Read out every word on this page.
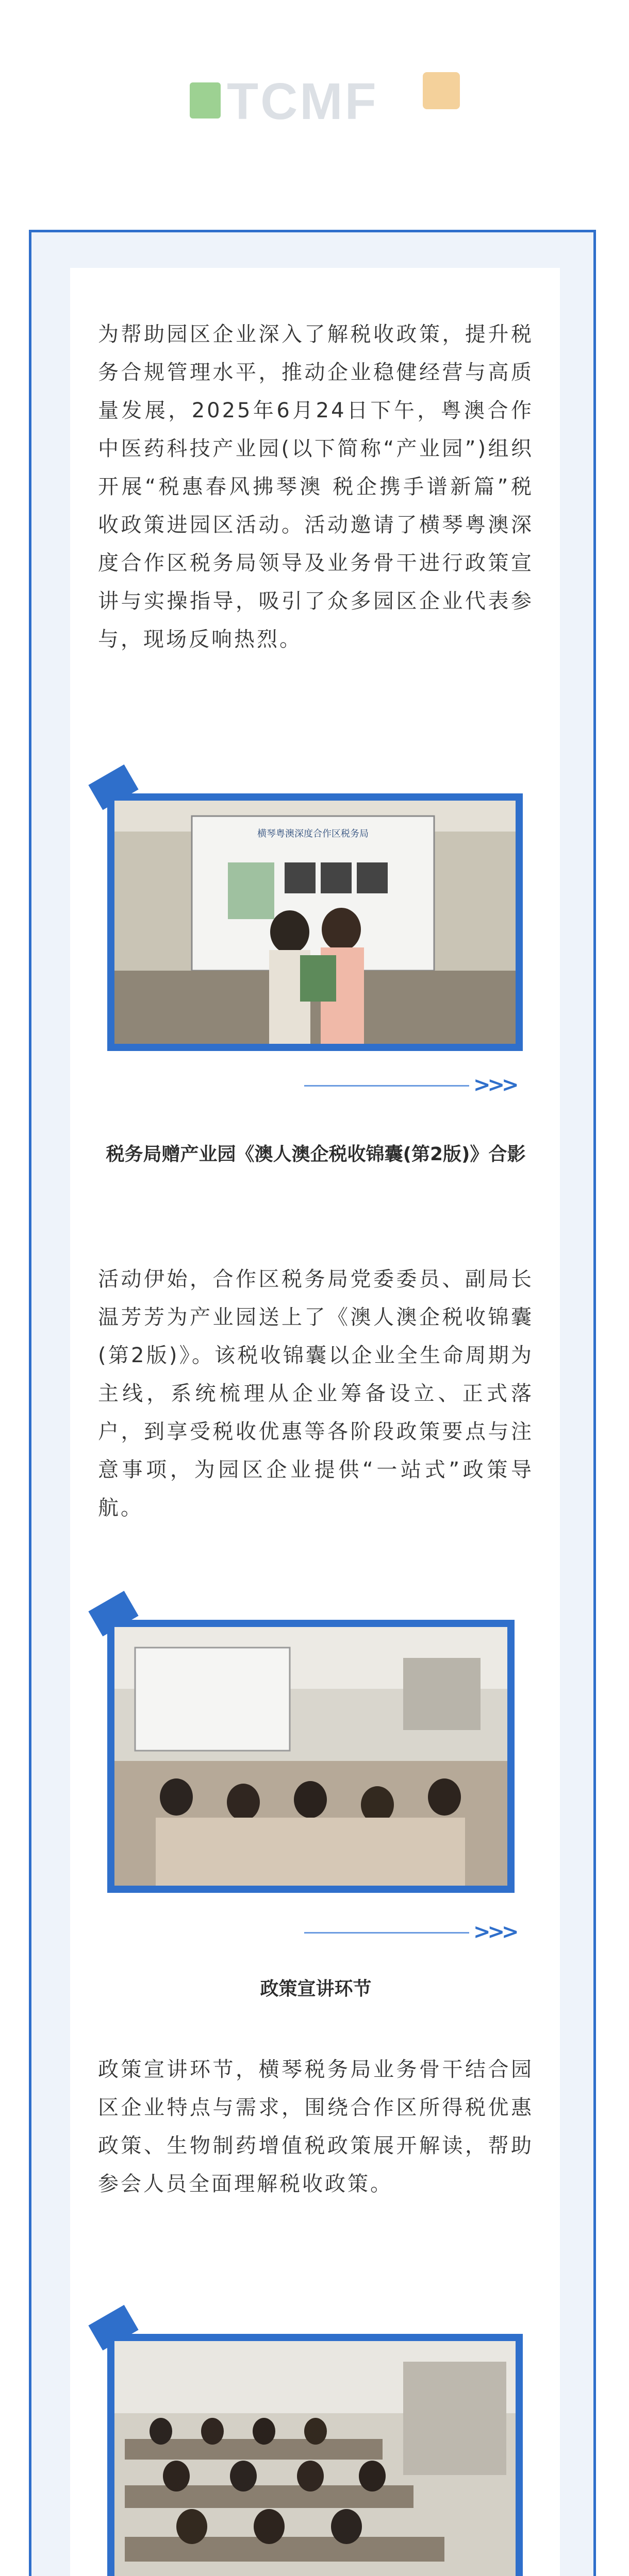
TCMF

为帮助园区企业深入了解税收政策，提升税务合规管理水平，推动企业稳健经营与高质量发展，2025年6月24日下午，粤澳合作中医药科技产业园(以下简称“产业园”)组织开展“税惠春风拂琴澳 税企携手谱新篇”税收政策进园区活动。活动邀请了横琴粤澳深度合作区税务局领导及业务骨干进行政策宣讲与实操指导，吸引了众多园区企业代表参与，现场反响热烈。

横琴粤澳深度合作区税务局
>>>

税务局赠产业园《澳人澳企税收锦囊(第2版)》合影

活动伊始，合作区税务局党委委员、副局长温芳芳为产业园送上了《澳人澳企税收锦囊(第2版)》。该税收锦囊以企业全生命周期为主线，系统梳理从企业筹备设立、正式落户，到享受税收优惠等各阶段政策要点与注意事项，为园区企业提供“一站式”政策导航。

>>>

政策宣讲环节

政策宣讲环节，横琴税务局业务骨干结合园区企业特点与需求，围绕合作区所得税优惠政策、生物制药增值税政策展开解读，帮助参会人员全面理解税收政策。
